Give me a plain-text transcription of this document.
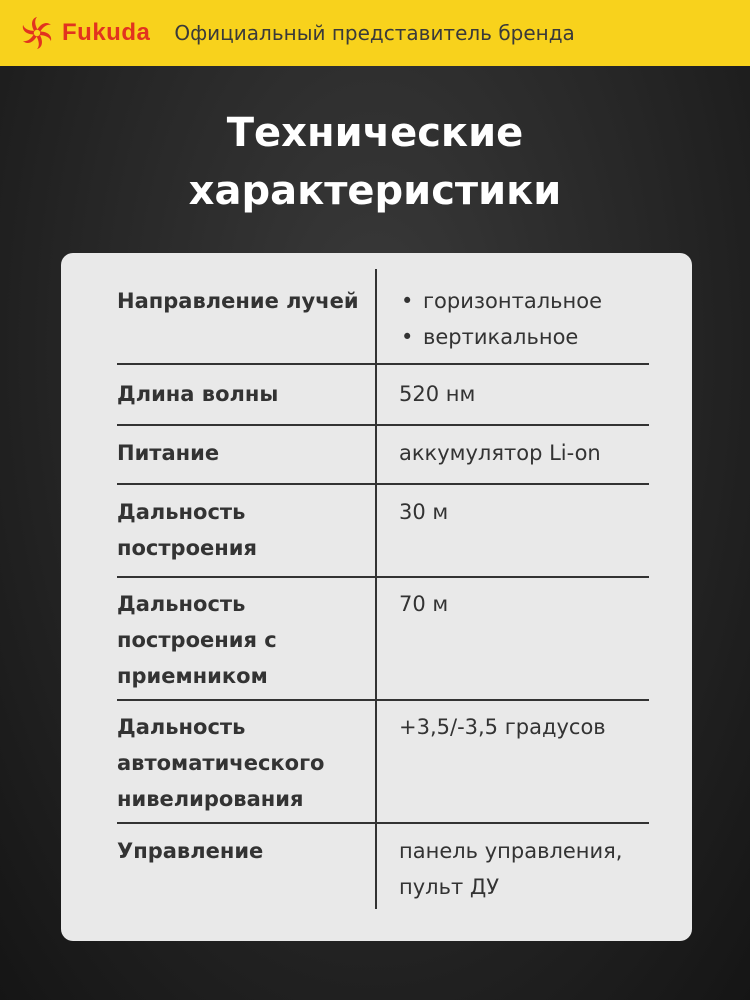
Fukuda Официальный представитель бренда
Технические
характеристики
Направление лучей
•	горизонтальное
• вертикальное
Длина волны	520 нм
Питание	аккумулятор Li-on
Дальность построения
30 м
Дальность построения с приемником
70 м
Дальность автоматического нивелирования
+3,5/-3,5 градусов
Управление	панель управления, пульт ДУ
